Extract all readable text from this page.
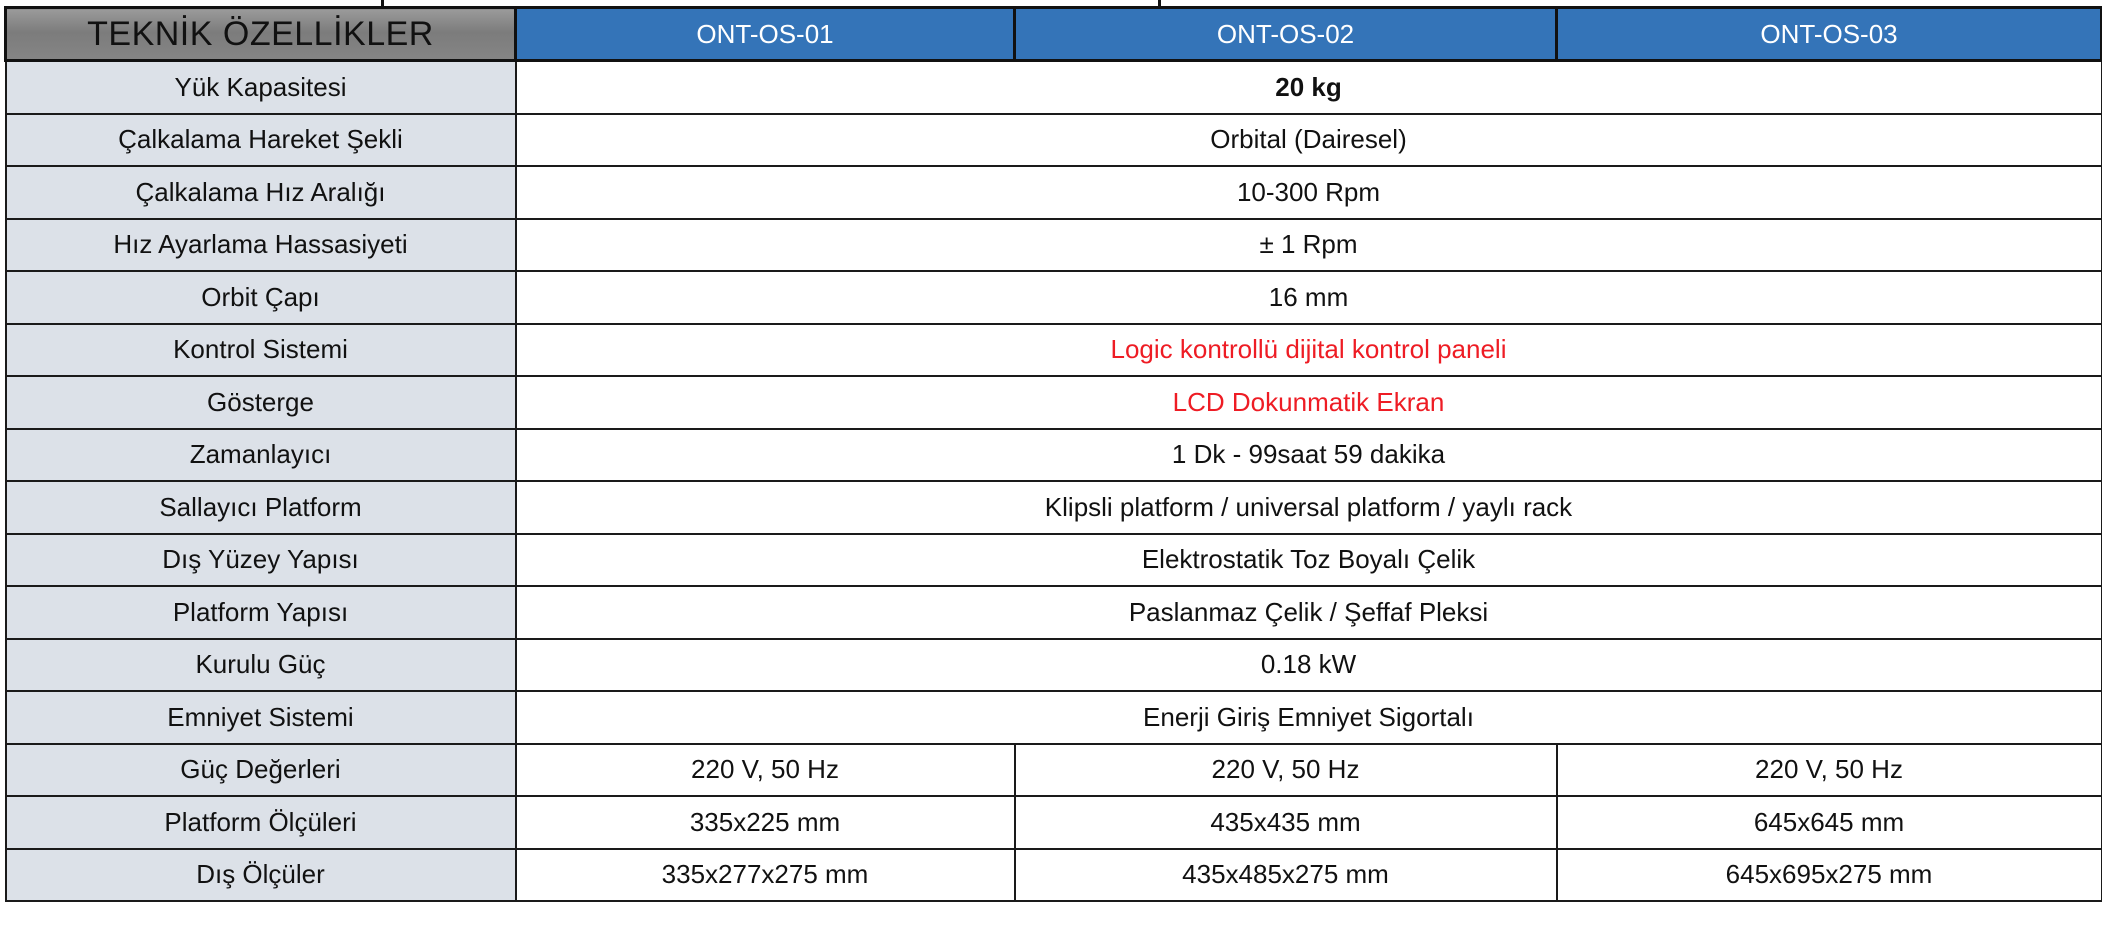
TEKNİK ÖZELLİKLER	ONT-OS-01	ONT-OS-02	ONT-OS-03
Yük Kapasitesi	20 kg		
Çalkalama Hareket Şekli	Orbital (Dairesel)		
Çalkalama Hız Aralığı	10-300 Rpm		
Hız Ayarlama Hassasiyeti	± 1 Rpm		
Orbit Çapı	16 mm		
Kontrol Sistemi	Logic kontrollü dijital kontrol paneli		
Gösterge	LCD Dokunmatik Ekran		
Zamanlayıcı	1 Dk - 99saat 59 dakika		
Sallayıcı Platform	Klipsli platform / universal platform / yaylı rack		
Dış Yüzey Yapısı	Elektrostatik Toz Boyalı Çelik		
Platform Yapısı	Paslanmaz Çelik / Şeffaf Pleksi		
Kurulu Güç	0.18 kW		
Emniyet Sistemi	Enerji Giriş Emniyet Sigortalı		
Güç Değerleri	220 V, 50 Hz	220 V, 50 Hz	220 V, 50 Hz
Platform Ölçüleri	335x225 mm	435x435 mm	645x645 mm
Dış Ölçüler	335x277x275 mm	435x485x275 mm	645x695x275 mm
